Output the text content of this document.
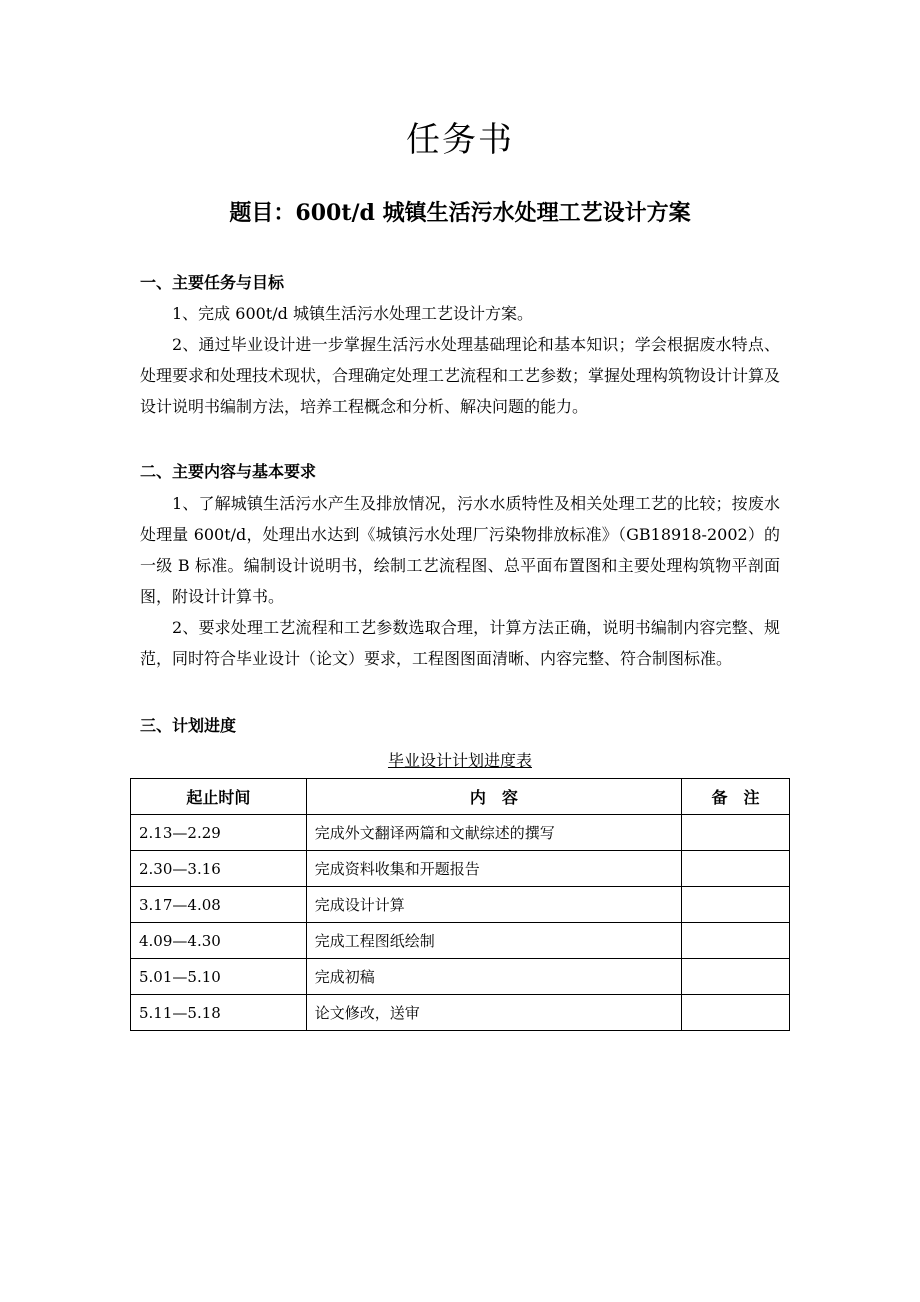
任务书
题目：600t/d 城镇生活污水处理工艺设计方案

一、主要任务与目标

1、完成 600t/d 城镇生活污水处理工艺设计方案。

2、通过毕业设计进一步掌握生活污水处理基础理论和基本知识；学会根据废水特点、处理要求和处理技术现状，合理确定处理工艺流程和工艺参数；掌握处理构筑物设计计算及设计说明书编制方法，培养工程概念和分析、解决问题的能力。

二、主要内容与基本要求

1、了解城镇生活污水产生及排放情况，污水水质特性及相关处理工艺的比较；按废水处理量 600t/d，处理出水达到《城镇污水处理厂污染物排放标准》（GB18918-2002）的一级 B 标准。编制设计说明书，绘制工艺流程图、总平面布置图和主要处理构筑物平剖面图，附设计计算书。

2、要求处理工艺流程和工艺参数选取合理，计算方法正确，说明书编制内容完整、规范，同时符合毕业设计（论文）要求，工程图图面清晰、内容完整、符合制图标准。

三、计划进度

毕业设计计划进度表
起止时间	内　容	备　注
2.13—2.29	完成外文翻译两篇和文献综述的撰写	
2.30—3.16	完成资料收集和开题报告	
3.17—4.08	完成设计计算	
4.09—4.30	完成工程图纸绘制	
5.01—5.10	完成初稿	
5.11—5.18	论文修改，送审	
